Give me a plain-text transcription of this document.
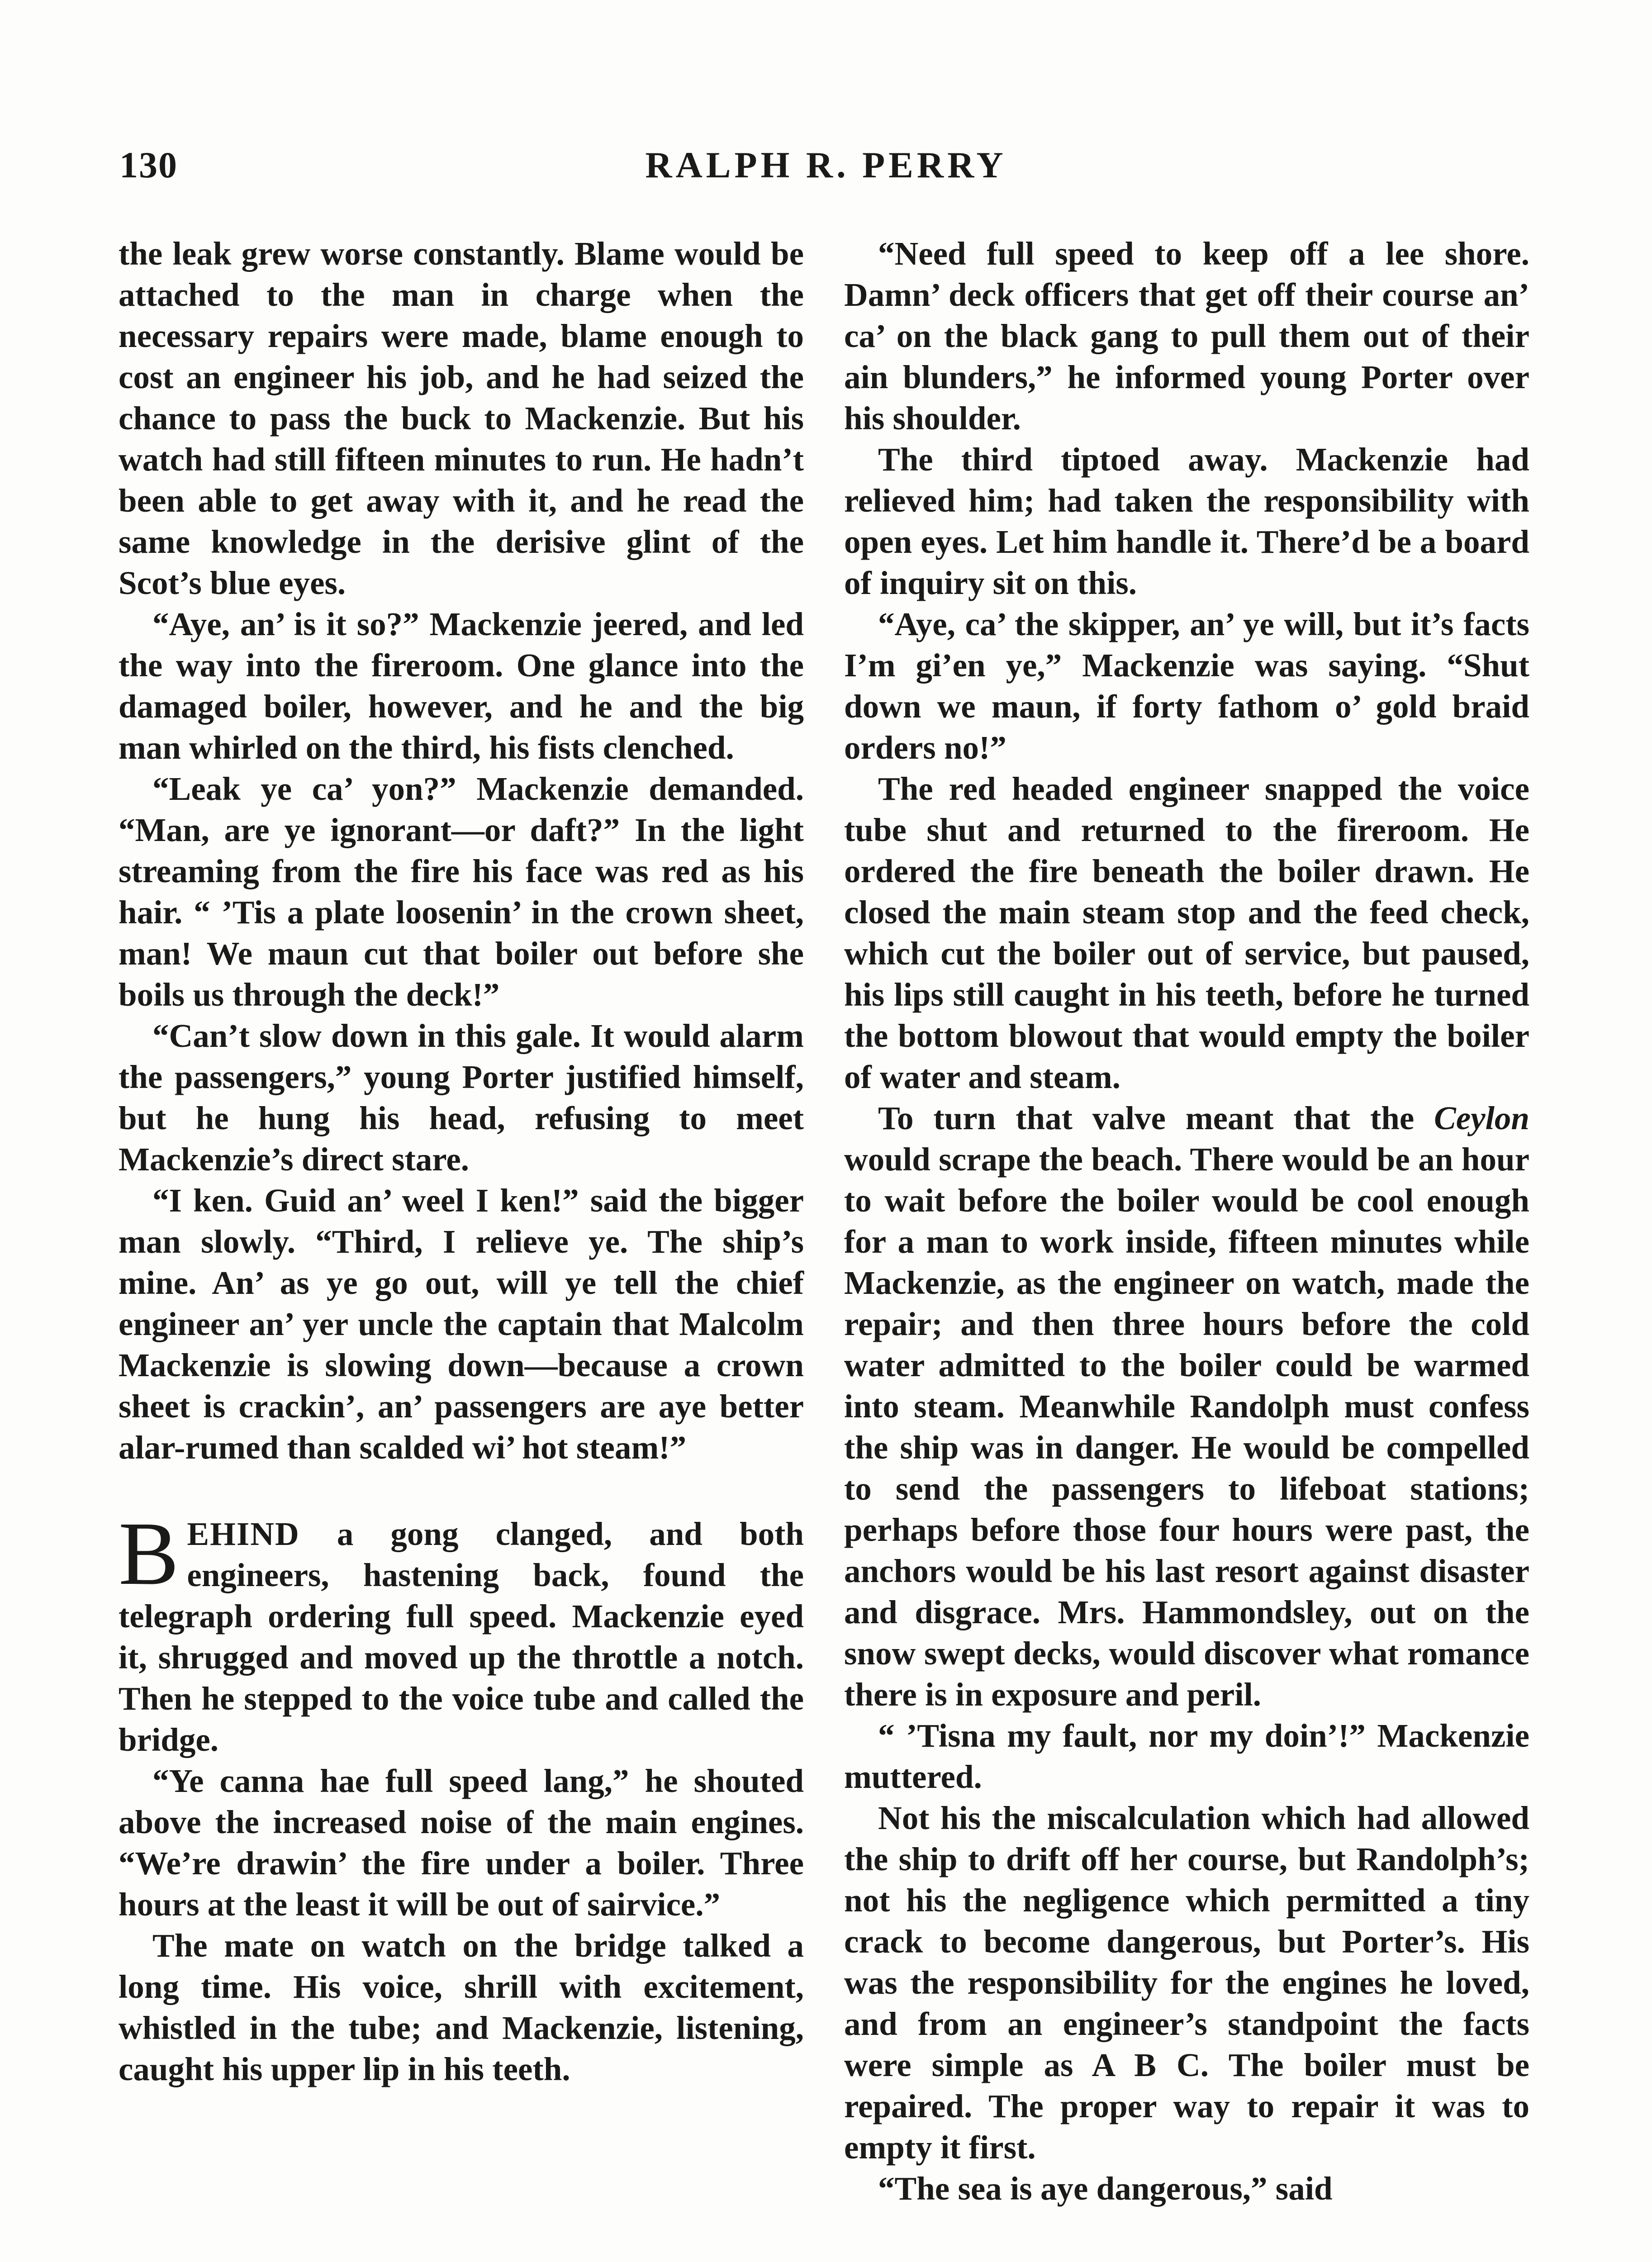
130	RALPH R. PERRY

the leak grew worse constantly. Blame would be attached to the man in charge when the necessary repairs were made, blame enough to cost an engineer his job, and he had seized the chance to pass the buck to Mackenzie. But his watch had still fifteen minutes to run. He hadn’t been able to get away with it, and he read the same knowledge in the derisive glint of the Scot’s blue eyes.

“Aye, an’ is it so?” Mackenzie jeered, and led the way into the fireroom. One glance into the damaged boiler, however, and he and the big man whirled on the third, his fists clenched.

“Leak ye ca’ yon?” Mackenzie demanded. “Man, are ye ignorant—or daft?” In the light streaming from the fire his face was red as his hair. “ ’Tis a plate loosenin’ in the crown sheet, man! We maun cut that boiler out before she boils us through the deck!”

“Can’t slow down in this gale. It would alarm the passengers,” young Porter justified himself, but he hung his head, refusing to meet Mackenzie’s direct stare.

“I ken. Guid an’ weel I ken!” said the bigger man slowly. “Third, I relieve ye. The ship’s mine. An’ as ye go out, will ye tell the chief engineer an’ yer uncle the captain that Malcolm Mackenzie is slowing down—because a crown sheet is crackin’, an’ passengers are aye better alar-rumed than scalded wi’ hot steam!”

BEHIND a gong clanged, and both engineers, hastening back, found the telegraph ordering full speed. Mackenzie eyed it, shrugged and moved up the throttle a notch. Then he stepped to the voice tube and called the bridge.

“Ye canna hae full speed lang,” he shouted above the increased noise of the main engines. “We’re drawin’ the fire under a boiler. Three hours at the least it will be out of sairvice.”

The mate on watch on the bridge talked a long time. His voice, shrill with excitement, whistled in the tube; and Mackenzie, listening, caught his upper lip in his teeth.

“Need full speed to keep off a lee shore. Damn’ deck officers that get off their course an’ ca’ on the black gang to pull them out of their ain blunders,” he informed young Porter over his shoulder.

The third tiptoed away. Mackenzie had relieved him; had taken the responsibility with open eyes. Let him handle it. There’d be a board of inquiry sit on this.

“Aye, ca’ the skipper, an’ ye will, but it’s facts I’m gi’en ye,” Mackenzie was saying. “Shut down we maun, if forty fathom o’ gold braid orders no!”

The red headed engineer snapped the voice tube shut and returned to the fireroom. He ordered the fire beneath the boiler drawn. He closed the main steam stop and the feed check, which cut the boiler out of service, but paused, his lips still caught in his teeth, before he turned the bottom blowout that would empty the boiler of water and steam.

To turn that valve meant that the Ceylon would scrape the beach. There would be an hour to wait before the boiler would be cool enough for a man to work inside, fifteen minutes while Mackenzie, as the engineer on watch, made the repair; and then three hours before the cold water admitted to the boiler could be warmed into steam. Meanwhile Randolph must confess the ship was in danger. He would be compelled to send the passengers to lifeboat stations; perhaps before those four hours were past, the anchors would be his last resort against disaster and disgrace. Mrs. Hammondsley, out on the snow swept decks, would discover what romance there is in exposure and peril.

“ ’Tisna my fault, nor my doin’!” Mackenzie muttered.

Not his the miscalculation which had allowed the ship to drift off her course, but Randolph’s; not his the negligence which permitted a tiny crack to become dangerous, but Porter’s. His was the responsibility for the engines he loved, and from an engineer’s standpoint the facts were simple as A B C. The boiler must be repaired. The proper way to repair it was to empty it first.

“The sea is aye dangerous,” said
